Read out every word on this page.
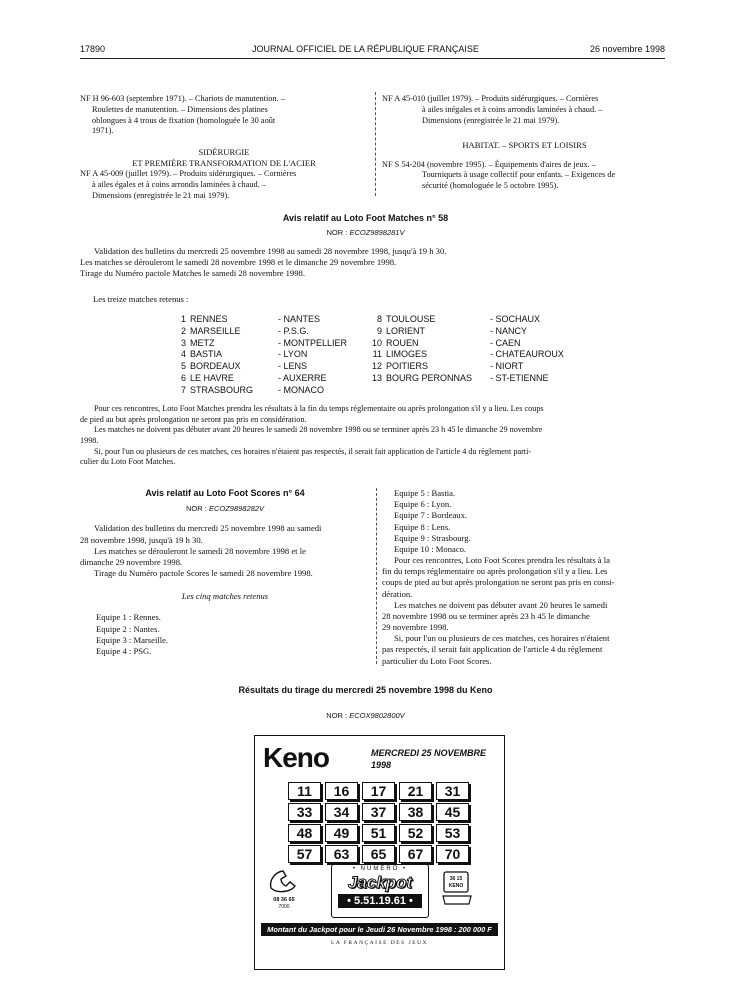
17890	JOURNAL OFFICIEL DE LA RÉPUBLIQUE FRANÇAISE	26 novembre 1998
NF H 96-603 (septembre 1971). – Chariots de manutention. –
Roulettes de manutention. – Dimensions des platines
oblongues à 4 trous de fixation (homologuée le 30 août
1971).
SIDÉRURGIE
ET PREMIÈRE TRANSFORMATION DE L'ACIER
NF A 45-009 (juillet 1979). – Produits sidérurgiques. – Cornières
à ailes égales et à coins arrondis laminées à chaud. –
Dimensions (enregistrée le 21 mai 1979).
NF A 45-010 (juillet 1979). – Produits sidérurgiques. – Cornières
à ailes inégales et à coins arrondis laminées à chaud. –
Dimensions (enregistrée le 21 mai 1979).
HABITAT. – SPORTS ET LOISIRS
NF S 54-204 (novembre 1995). – Équipements d'aires de jeux. –
Tourniquets à usage collectif pour enfants. – Exigences de
sécurité (homologuée le 5 octobre 1995).
Avis relatif au Loto Foot Matches n° 58
NOR : ECOZ9898281V
Validation des bulletins du mercredi 25 novembre 1998 au samedi 28 novembre 1998, jusqu'à 19 h 30.
Les matches se dérouleront le samedi 28 novembre 1998 et le dimanche 29 novembre 1998.
Tirage du Numéro pactole Matches le samedi 28 novembre 1998.
Les treize matches retenus :
1 RENNES	- NANTES
2 MARSEILLE	- P.S.G.
3 METZ	- MONTPELLIER
4 BASTIA	- LYON
5 BORDEAUX	- LENS
6 LE HAVRE	- AUXERRE
7 STRASBOURG	- MONACO
8 TOULOUSE	- SOCHAUX
9 LORIENT	- NANCY
10 ROUEN	- CAEN
11 LIMOGES	- CHATEAUROUX
12 POITIERS	- NIORT
13 BOURG PERONNAS - ST-ETIENNE
Pour ces rencontres, Loto Foot Matches prendra les résultats à la fin du temps réglementaire ou après prolongation s'il y a lieu. Les coups
de pied au but après prolongation ne seront pas pris en considération.
Les matches ne doivent pas débuter avant 20 heures le samedi 28 novembre 1998 ou se terminer après 23 h 45 le dimanche 29 novembre
1998.
Si, pour l'un ou plusieurs de ces matches, ces horaires n'étaient pas respectés, il serait fait application de l'article 4 du règlement parti-
culier du Loto Foot Matches.
Avis relatif au Loto Foot Scores n° 64
NOR : ECOZ9898282V
Validation des bulletins du mercredi 25 novembre 1998 au samedi
28 novembre 1998, jusqu'à 19 h 30.
Les matches se dérouleront le samedi 28 novembre 1998 et le
dimanche 29 novembre 1998.
Tirage du Numéro pactole Scores le samedi 28 novembre 1998.
Les cinq matches retenus
Equipe 1 : Rennes.
Equipe 2 : Nantes.
Equipe 3 : Marseille.
Equipe 4 : PSG.
Equipe 5 : Bastia.
Equipe 6 : Lyon.
Equipe 7 : Bordeaux.
Equipe 8 : Lens.
Equipe 9 : Strasbourg.
Equipe 10 : Monaco.
Pour ces rencontres, Loto Foot Scores prendra les résultats à la
fin du temps réglementaire ou après prolongation s'il y a lieu. Les
coups de pied au but après prolongation ne seront pas pris en consi-
dération.
Les matches ne doivent pas débuter avant 20 heures le samedi
28 novembre 1998 ou se terminer après 23 h 45 le dimanche
29 novembre 1998.
Si, pour l'un ou plusieurs de ces matches, ces horaires n'étaient
pas respectés, il serait fait application de l'article 4 du règlement
particulier du Loto Foot Scores.
Résultats du tirage du mercredi 25 novembre 1998 du Keno
NOR : ECOX9802800V
Keno	MERCREDI 25 NOVEMBRE 1998
11	16	17	21	31
33	34	37	38	45
48	49	51	52	53
57	63	65	67	70
08 36 65
7000
• NUMÉRO •
Jackpot
• 5.51.19.61 •
36 15
KENO
Montant du Jackpot pour le Jeudi 26 Novembre 1998 : 200 000 F
LA FRANÇAISE DES JEUX
